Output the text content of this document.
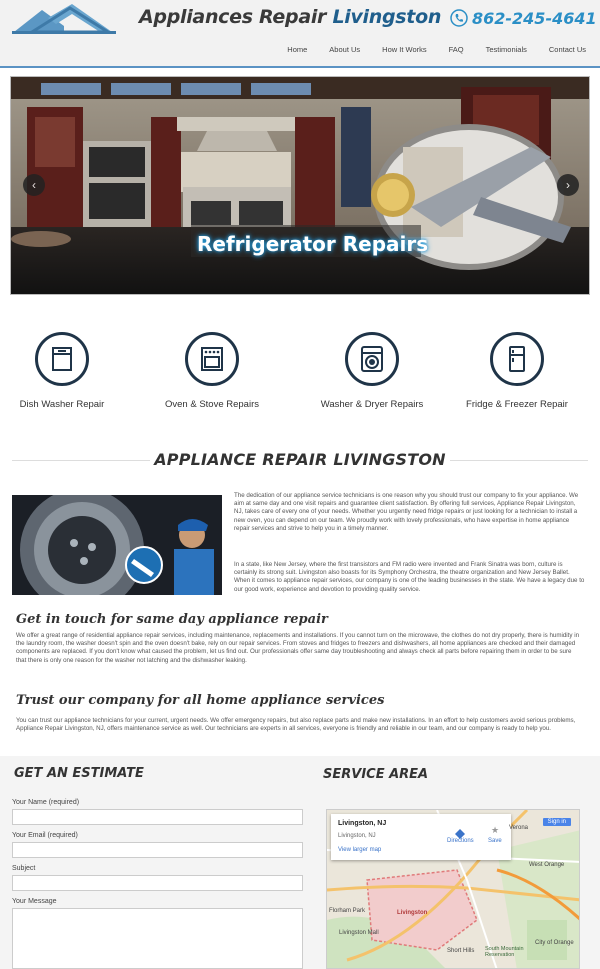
Appliances Repair Livingston 862-245-4641
Home	About Us	How It Works	FAQ	Testimonials	Contact Us
Refrigerator Repairs
‹	›
Dish Washer Repair	Oven & Stove Repairs	Washer & Dryer Repairs	Fridge & Freezer Repair
APPLIANCE REPAIR LIVINGSTON
The dedication of our appliance service technicians is one reason why you should trust our company to fix your appliance. We aim at same day and one visit repairs and guarantee client satisfaction. By offering full services, Appliance Repair Livingston, NJ, takes care of every one of your needs. Whether you urgently need fridge repairs or just looking for a technician to install a new oven, you can depend on our team. We proudly work with lovely professionals, who have expertise in home appliance repair services and strive to help you in a timely manner.
In a state, like New Jersey, where the first transistors and FM radio were invented and Frank Sinatra was born, culture is certainly its strong suit. Livingston also boasts for its Symphony Orchestra, the theatre organization and New Jersey Ballet. When it comes to appliance repair services, our company is one of the leading businesses in the state. We have a legacy due to our good work, experience and devotion to providing quality service.
Get in touch for same day appliance repair
We offer a great range of residential appliance repair services, including maintenance, replacements and installations. If you cannot turn on the microwave, the clothes do not dry properly, there is humidity in the laundry room, the washer doesn't spin and the oven doesn't bake, rely on our repair services. From stoves and fridges to freezers and dishwashers, all home appliances are checked and their damaged components are replaced. If you don't know what caused the problem, let us find out. Our professionals offer same day troubleshooting and always check all parts before repairing them in order to be sure that there is only one reason for the washer not latching and the dishwasher leaking.
Trust our company for all home appliance services
You can trust our appliance technicians for your current, urgent needs. We offer emergency repairs, but also replace parts and make new installations. In an effort to help customers avoid serious problems, Appliance Repair Livingston, NJ, offers maintenance service as well. Our technicians are experts in all services, everyone is friendly and reliable in our team, and our company is ready to help you.
GET AN ESTIMATE
Your Name (required)
Your Email (required)
Subject
Your Message
SERVICE AREA
Livingston, NJ
Livingston, NJ
View larger map
Directions
★
Save
Sign in
Verona
West Orange
Livingston
Livingston Mall
Short Hills South Mountain Reservation
City of Orange
Florham Park
